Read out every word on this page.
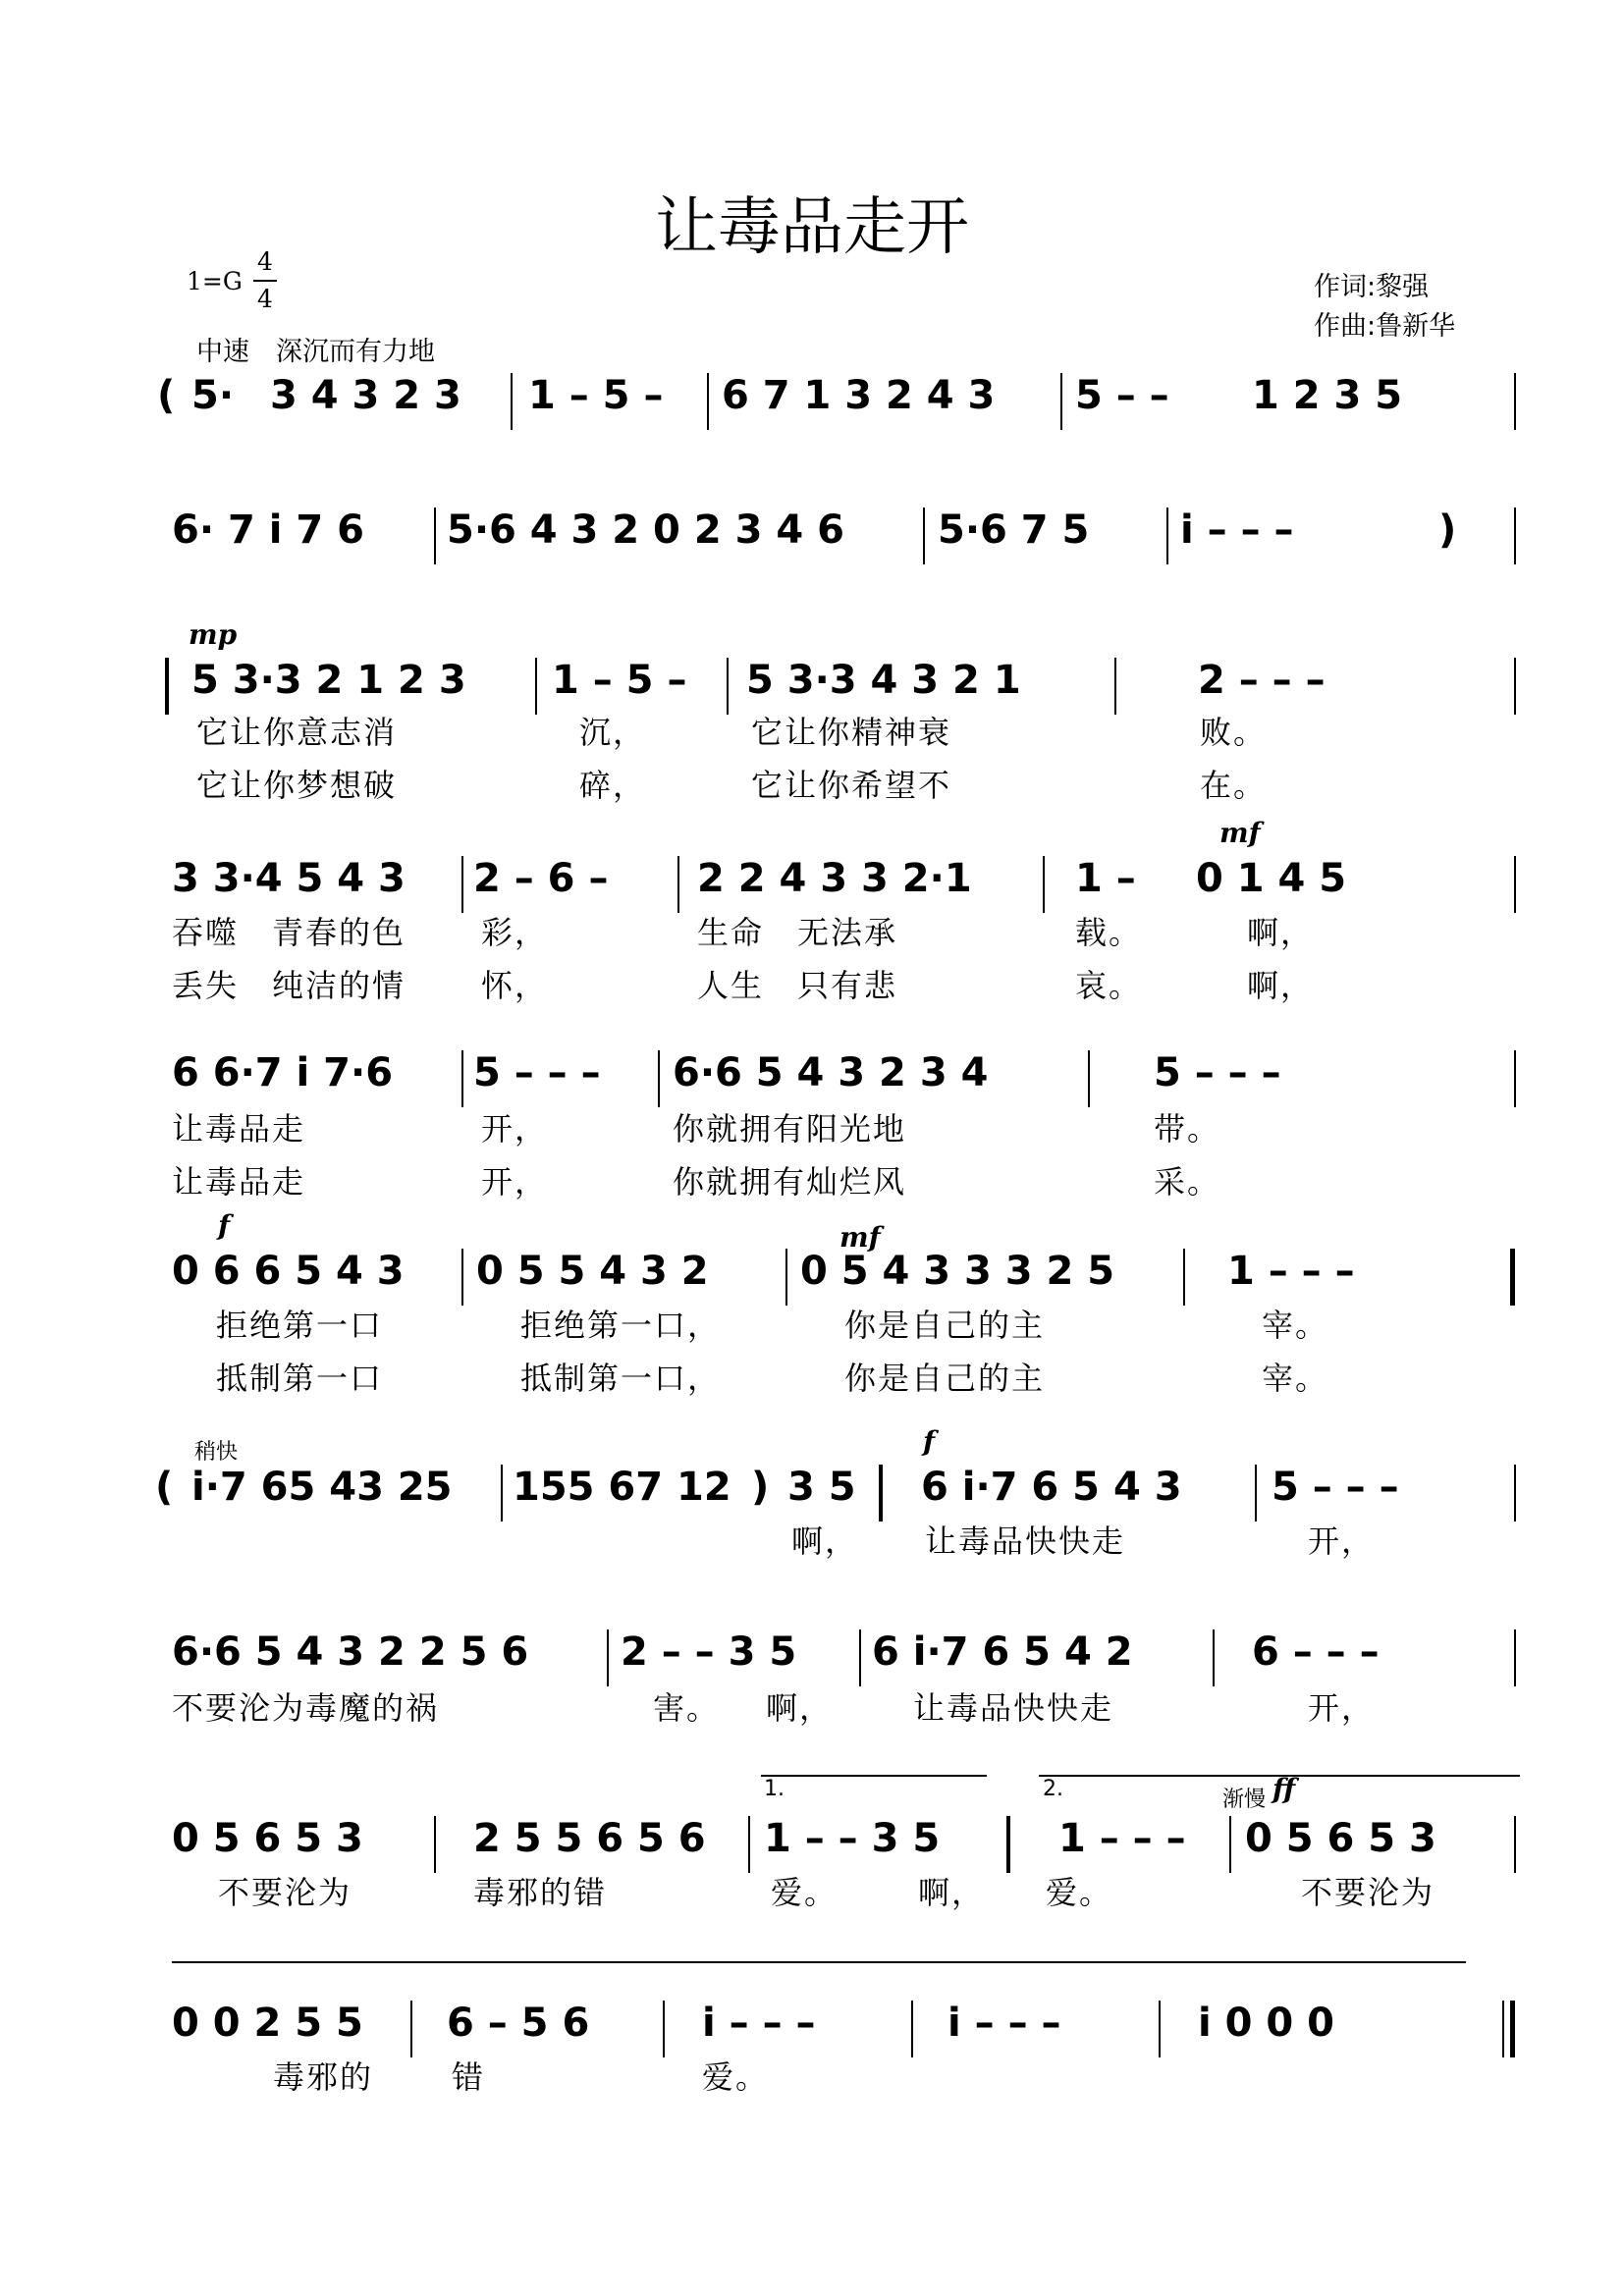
让毒品走开
1=G
4
4	作词:黎强
作曲:鲁新华
中速　深沉而有力地
( 5· 3 4 3 2 3 1 – 5 – 6 7 1 3 2 4 3 5 – – 1 2 3 5
6· 7 i 7 6 5·6 4 3 2 0 2 3 4 6 5·6 7 5 i – – –	)
mp
5 3·3 2 1 2 3 1 – 5 – 5 3·3 4 3 2 1	2 – – –
它让你意志消	沉，	它让你精神衰	败。
它让你梦想破	碎，	它让你希望不	在。
mf
3 3·4 5 4 3 2 – 6 – 2 2 4 3 3 2·1	1 – 0 1 4 5
吞噬　青春的色 彩，	生命　无法承	载。	啊，
丢失　纯洁的情 怀，	人生　只有悲	哀。	啊，
6 6·7 i 7·6 5 – – – 6·6 5 4 3 2 3 4	5 – – –
让毒品走	开，	你就拥有阳光地	带。
让毒品走	开，	你就拥有灿烂风	采。
f	mf
0 6 6 5 4 3 0 5 5 4 3 2 0 5 4 3 3 3 2 5	1 – – –
拒绝第一口	拒绝第一口，	你是自己的主	宰。
抵制第一口	抵制第一口，	你是自己的主	宰。
稍快	f
( i·7 65 43 25 155 67 12 ) 3 5 6 i·7 6 5 4 3 5 – – –
啊， 让毒品快快走	开，
6·6 5 4 3 2 2 5 6 2 – – 3 5 6 i·7 6 5 4 2	6 – – –
不要沦为毒魔的祸	害。 啊，	让毒品快快走	开，
1.	2.	渐慢 ff
0 5 6 5 3	2 5 5 6 5 6 1 – – 3 5	1 – – – 0 5 6 5 3
不要沦为	毒邪的错	爱。	啊， 爱。	不要沦为
0 0 2 5 5 6 – 5 6	i – – –	i – – –	i 0 0 0
毒邪的 错	爱。
